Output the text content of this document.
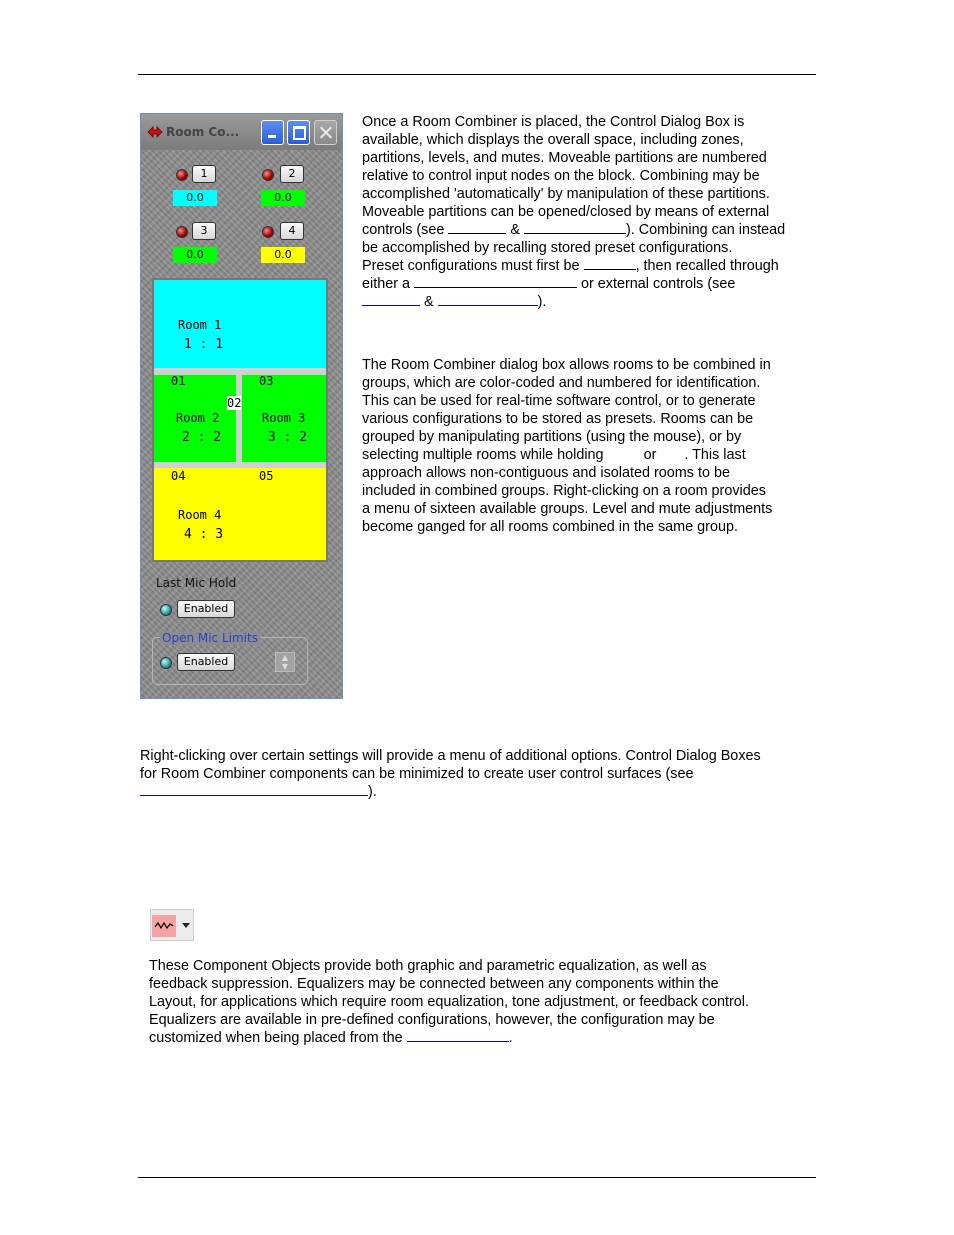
Room Co...
1
0.0
2
0.0
3
0.0
4
0.0
Room 1
1 : 1
Room 2
2 : 2
Room 3
3 : 2
Room 4
4 : 3
01
02
03
04	05
Last Mic Hold
Enabled
Open Mic Limits
Enabled	▲
▼

Once a Room Combiner is placed, the Control Dialog Box is

available, which displays the overall space, including zones,

partitions, levels, and mutes. Moveable partitions are numbered

relative to control input nodes on the block. Combining may be

accomplished 'automatically' by manipulation of these partitions.

Moveable partitions can be opened/closed by means of external

controls (see	&	). Combining can instead

be accomplished by recalling stored preset configurations.

Preset configurations must first be	, then recalled through

either a	or external controls (see

&	).

The Room Combiner dialog box allows rooms to be combined in

groups, which are color-coded and numbered for identification.

This can be used for real-time software control, or to generate

various configurations to be stored as presets. Rooms can be

grouped by manipulating partitions (using the mouse), or by

selecting multiple rooms while holding	or . This last

approach allows non-contiguous and isolated rooms to be

included in combined groups. Right-clicking on a room provides

a menu of sixteen available groups. Level and mute adjustments

become ganged for all rooms combined in the same group.

Right-clicking over certain settings will provide a menu of additional options. Control Dialog Boxes

for Room Combiner components can be minimized to create user control surfaces (see

).

These Component Objects provide both graphic and parametric equalization, as well as

feedback suppression. Equalizers may be connected between any components within the

Layout, for applications which require room equalization, tone adjustment, or feedback control.

Equalizers are available in pre-defined configurations, however, the configuration may be

customized when being placed from the	.
